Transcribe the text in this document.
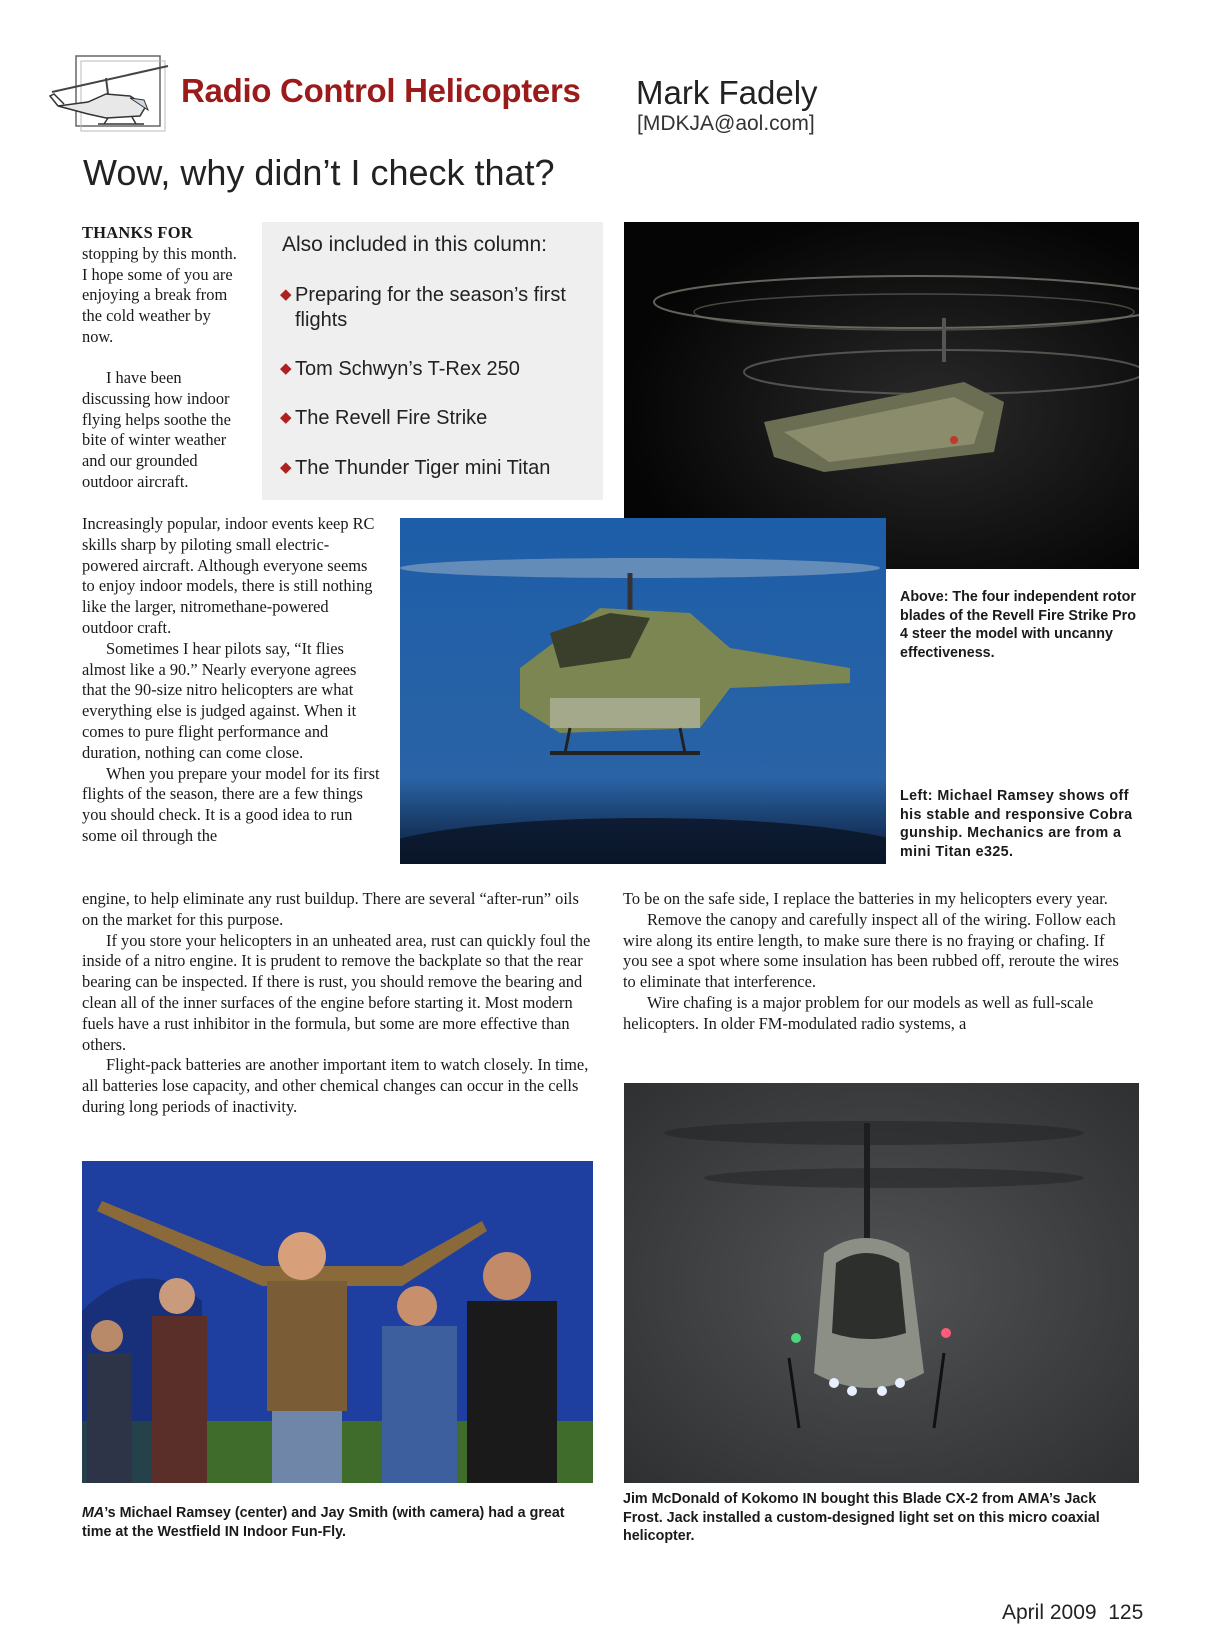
Radio Control Helicopters Mark Fadely
[MDKJA@aol.com]
Wow, why didn’t I check that?
Also included in this column:
◆ Preparing for the season’s first flights
◆ Tom Schwyn’s T-Rex 250
◆ The Revell Fire Strike
◆ The Thunder Tiger mini Titan

THANKS FOR stopping by this month. I hope some of you are enjoying a break from the cold weather by now.

I have been discussing how indoor flying helps soothe the bite of winter weather and our grounded outdoor aircraft.

Increasingly popular, indoor events keep RC skills sharp by piloting small electric-powered aircraft. Although everyone seems to enjoy indoor models, there is still nothing like the larger, nitromethane-powered outdoor craft.

Sometimes I hear pilots say, “It flies almost like a 90.” Nearly everyone agrees that the 90-size nitro helicopters are what everything else is judged against. When it comes to pure flight performance and duration, nothing can come close.

When you prepare your model for its first flights of the season, there are a few things you should check. It is a good idea to run some oil through the

engine, to help eliminate any rust buildup. There are several “after-run” oils on the market for this purpose.

If you store your helicopters in an unheated area, rust can quickly foul the inside of a nitro engine. It is prudent to remove the backplate so that the rear bearing can be inspected. If there is rust, you should remove the bearing and clean all of the inner surfaces of the engine before starting it. Most modern fuels have a rust inhibitor in the formula, but some are more effective than others.

Flight-pack batteries are another important item to watch closely. In time, all batteries lose capacity, and other chemical changes can occur in the cells during long periods of inactivity.

To be on the safe side, I replace the batteries in my helicopters every year.

Remove the canopy and carefully inspect all of the wiring. Follow each wire along its entire length, to make sure there is no fraying or chafing. If you see a spot where some insulation has been rubbed off, reroute the wires to eliminate that interference.

Wire chafing is a major problem for our models as well as full-scale helicopters. In older FM-modulated radio systems, a

Above: The four independent rotor blades of the Revell Fire Strike Pro 4 steer the model with uncanny effectiveness.
Left: Michael Ramsey shows off his stable and responsive Cobra gunship. Mechanics are from a mini Titan e325.
MA’s Michael Ramsey (center) and Jay Smith (with camera) had a great time at the Westfield IN Indoor Fun-Fly.
Jim McDonald of Kokomo IN bought this Blade CX-2 from AMA’s Jack Frost. Jack installed a custom-designed light set on this micro coaxial helicopter.
April 2009 125
